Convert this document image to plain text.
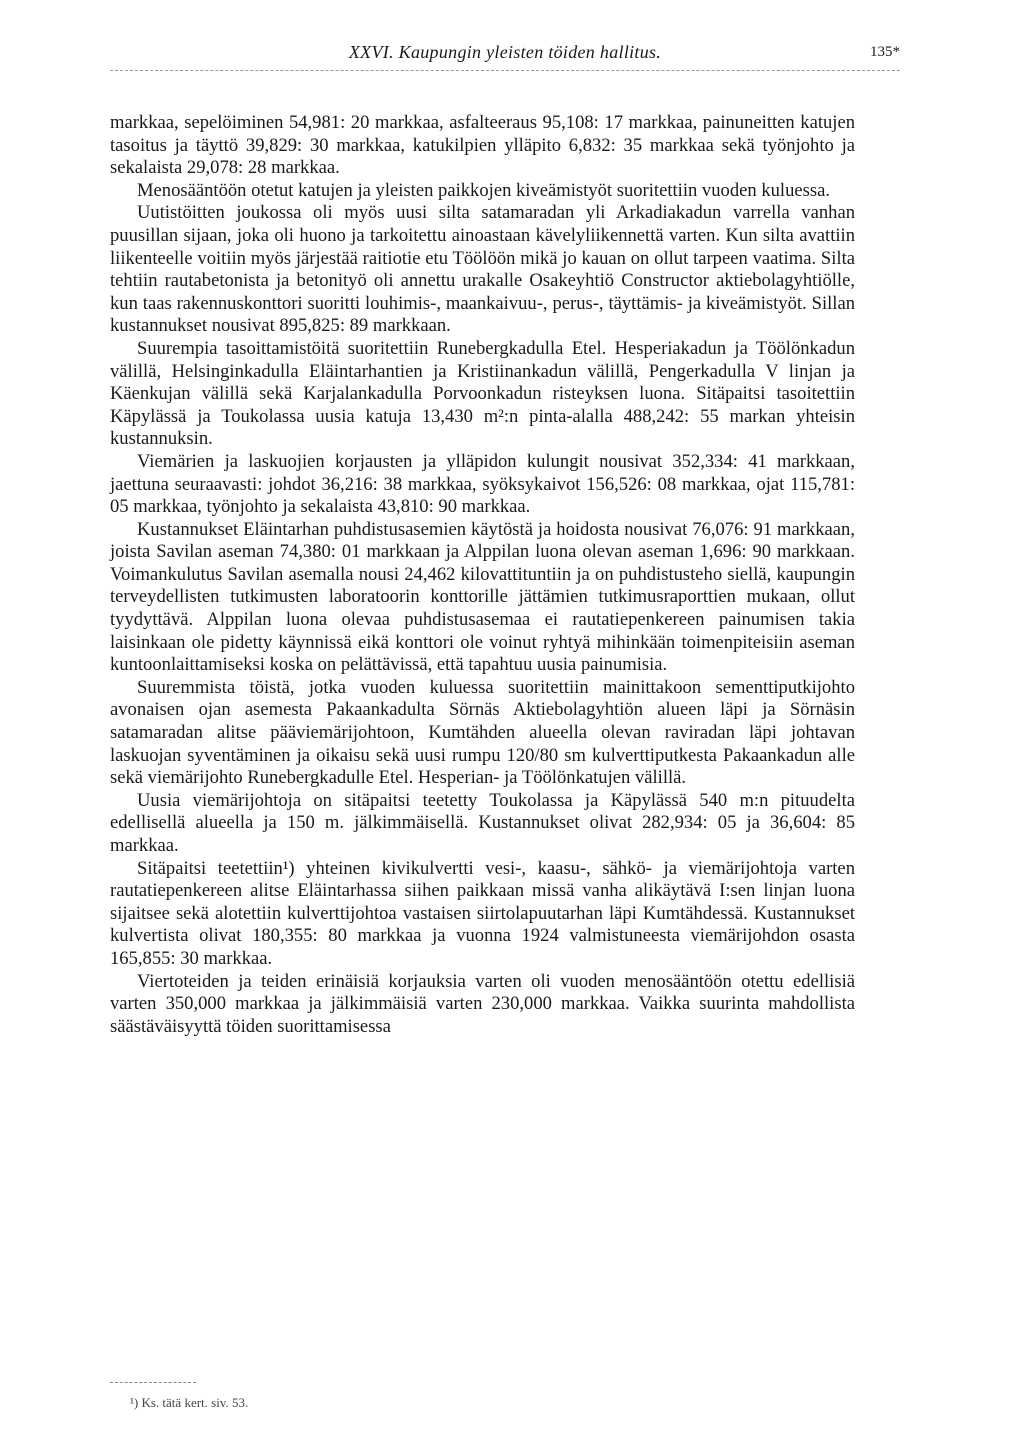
XXVI. Kaupungin yleisten töiden hallitus.	135*

markkaa, sepelöiminen 54,981: 20 markkaa, asfalteeraus 95,108: 17 markkaa, painuneitten katujen tasoitus ja täyttö 39,829: 30 markkaa, katukilpien ylläpito 6,832: 35 markkaa sekä työnjohto ja sekalaista 29,078: 28 markkaa.

Menosääntöön otetut katujen ja yleisten paikkojen kiveämistyöt suoritettiin vuoden kuluessa.

Uutistöitten joukossa oli myös uusi silta satamaradan yli Arkadiakadun varrella vanhan puusillan sijaan, joka oli huono ja tarkoitettu ainoastaan kävelyliikennettä varten. Kun silta avattiin liikenteelle voitiin myös järjestää raitiotie etu Töölöön mikä jo kauan on ollut tarpeen vaatima. Silta tehtiin rautabetonista ja betonityö oli annettu urakalle Osakeyhtiö Constructor aktiebolagyhtiölle, kun taas rakennuskonttori suoritti louhimis-, maankaivuu-, perus-, täyttämis- ja kiveämistyöt. Sillan kustannukset nousivat 895,825: 89 markkaan.

Suurempia tasoittamistöitä suoritettiin Runebergkadulla Etel. Hesperiakadun ja Töölönkadun välillä, Helsinginkadulla Eläintarhantien ja Kristiinankadun välillä, Pengerkadulla V linjan ja Käenkujan välillä sekä Karjalankadulla Porvoonkadun risteyksen luona. Sitäpaitsi tasoitettiin Käpylässä ja Toukolassa uusia katuja 13,430 m²:n pinta-alalla 488,242: 55 markan yhteisin kustannuksin.

Viemärien ja laskuojien korjausten ja ylläpidon kulungit nousivat 352,334: 41 markkaan, jaettuna seuraavasti: johdot 36,216: 38 markkaa, syöksykaivot 156,526: 08 markkaa, ojat 115,781: 05 markkaa, työnjohto ja sekalaista 43,810: 90 markkaa.

Kustannukset Eläintarhan puhdistusasemien käytöstä ja hoidosta nousivat 76,076: 91 markkaan, joista Savilan aseman 74,380: 01 markkaan ja Alppilan luona olevan aseman 1,696: 90 markkaan. Voimankulutus Savilan asemalla nousi 24,462 kilovattituntiin ja on puhdistusteho siellä, kaupungin terveydellisten tutkimusten laboratoorin konttorille jättämien tutkimusraporttien mukaan, ollut tyydyttävä. Alppilan luona olevaa puhdistusasemaa ei rautatiepenkereen painumisen takia laisinkaan ole pidetty käynnissä eikä konttori ole voinut ryhtyä mihinkään toimenpiteisiin aseman kuntoonlaittamiseksi koska on pelättävissä, että tapahtuu uusia painumisia.

Suuremmista töistä, jotka vuoden kuluessa suoritettiin mainittakoon sementtiputkijohto avonaisen ojan asemesta Pakaankadulta Sörnäs Aktiebolagyhtiön alueen läpi ja Sörnäsin satamaradan alitse pääviemärijohtoon, Kumtähden alueella olevan raviradan läpi johtavan laskuojan syventäminen ja oikaisu sekä uusi rumpu 120/80 sm kulverttiputkesta Pakaankadun alle sekä viemärijohto Runebergkadulle Etel. Hesperian- ja Töölönkatujen välillä.

Uusia viemärijohtoja on sitäpaitsi teetetty Toukolassa ja Käpylässä 540 m:n pituudelta edellisellä alueella ja 150 m. jälkimmäisellä. Kustannukset olivat 282,934: 05 ja 36,604: 85 markkaa.

Sitäpaitsi teetettiin¹) yhteinen kivikulvertti vesi-, kaasu-, sähkö- ja viemärijohtoja varten rautatiepenkereen alitse Eläintarhassa siihen paikkaan missä vanha alikäytävä I:sen linjan luona sijaitsee sekä alotettiin kulverttijohtoa vastaisen siirtolapuutarhan läpi Kumtähdessä. Kustannukset kulvertista olivat 180,355: 80 markkaa ja vuonna 1924 valmistuneesta viemärijohdon osasta 165,855: 30 markkaa.

Viertoteiden ja teiden erinäisiä korjauksia varten oli vuoden menosääntöön otettu edellisiä varten 350,000 markkaa ja jälkimmäisiä varten 230,000 markkaa. Vaikka suurinta mahdollista säästäväisyyttä töiden suorittamisessa

¹) Ks. tätä kert. siv. 53.
